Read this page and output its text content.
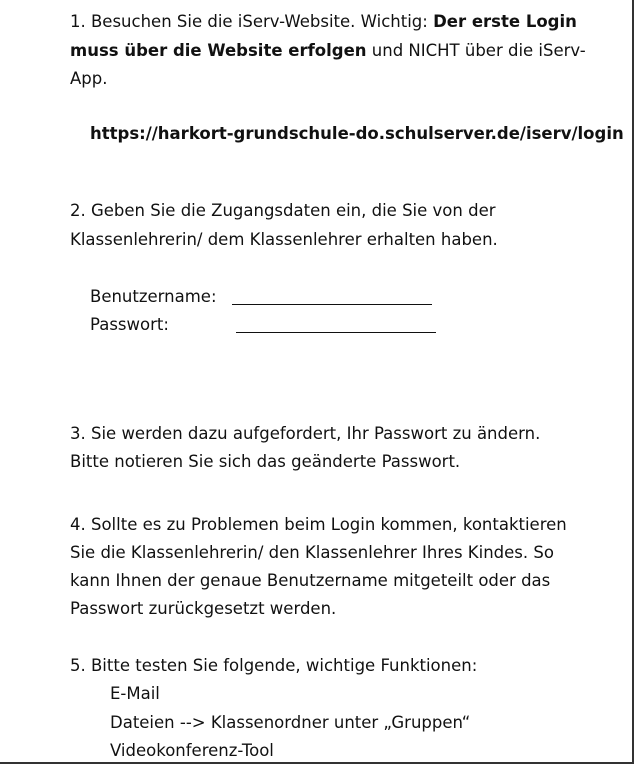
1. Besuchen Sie die iServ-Website. Wichtig: Der erste Login
muss über die Website erfolgen und NICHT über die iServ-
App.
https://harkort-grundschule-do.schulserver.de/iserv/login
2. Geben Sie die Zugangsdaten ein, die Sie von der
Klassenlehrerin/ dem Klassenlehrer erhalten haben.
Benutzername:
Passwort:
3. Sie werden dazu aufgefordert, Ihr Passwort zu ändern.
Bitte notieren Sie sich das geänderte Passwort.
4. Sollte es zu Problemen beim Login kommen, kontaktieren
Sie die Klassenlehrerin/ den Klassenlehrer Ihres Kindes. So
kann Ihnen der genaue Benutzername mitgeteilt oder das
Passwort zurückgesetzt werden.
5. Bitte testen Sie folgende, wichtige Funktionen:
E-Mail
Dateien --> Klassenordner unter „Gruppen“
Videokonferenz-Tool
